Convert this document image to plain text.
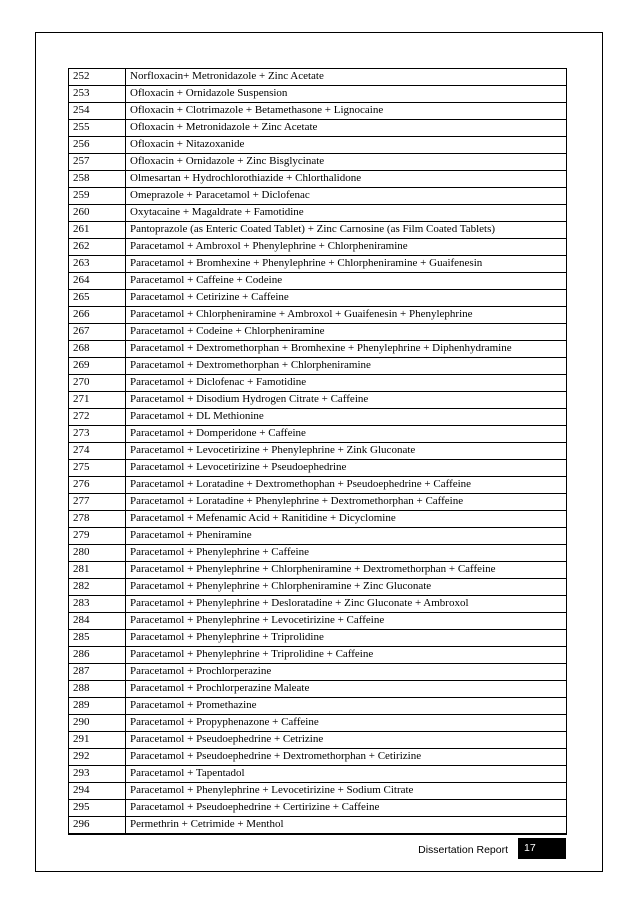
252	Norfloxacin+ Metronidazole + Zinc Acetate
253	Ofloxacin + Ornidazole Suspension
254	Ofloxacin + Clotrimazole + Betamethasone + Lignocaine
255	Ofloxacin + Metronidazole + Zinc Acetate
256	Ofloxacin + Nitazoxanide
257	Ofloxacin + Ornidazole + Zinc Bisglycinate
258	Olmesartan + Hydrochlorothiazide + Chlorthalidone
259	Omeprazole + Paracetamol + Diclofenac
260	Oxytacaine + Magaldrate + Famotidine
261	Pantoprazole (as Enteric Coated Tablet) + Zinc Carnosine (as Film Coated Tablets)
262	Paracetamol + Ambroxol + Phenylephrine + Chlorpheniramine
263	Paracetamol + Bromhexine + Phenylephrine + Chlorpheniramine + Guaifenesin
264	Paracetamol + Caffeine + Codeine
265	Paracetamol + Cetirizine + Caffeine
266	Paracetamol + Chlorpheniramine + Ambroxol + Guaifenesin + Phenylephrine
267	Paracetamol + Codeine + Chlorpheniramine
268	Paracetamol + Dextromethorphan + Bromhexine + Phenylephrine + Diphenhydramine
269	Paracetamol + Dextromethorphan + Chlorpheniramine
270	Paracetamol + Diclofenac + Famotidine
271	Paracetamol + Disodium Hydrogen Citrate + Caffeine
272	Paracetamol + DL Methionine
273	Paracetamol + Domperidone + Caffeine
274	Paracetamol + Levocetirizine + Phenylephrine + Zink Gluconate
275	Paracetamol + Levocetirizine + Pseudoephedrine
276	Paracetamol + Loratadine + Dextromethophan + Pseudoephedrine + Caffeine
277	Paracetamol + Loratadine + Phenylephrine + Dextromethorphan + Caffeine
278	Paracetamol + Mefenamic Acid + Ranitidine + Dicyclomine
279	Paracetamol + Pheniramine
280	Paracetamol + Phenylephrine + Caffeine
281	Paracetamol + Phenylephrine + Chlorpheniramine + Dextromethorphan + Caffeine
282	Paracetamol + Phenylephrine + Chlorpheniramine + Zinc Gluconate
283	Paracetamol + Phenylephrine + Desloratadine + Zinc Gluconate + Ambroxol
284	Paracetamol + Phenylephrine + Levocetirizine + Caffeine
285	Paracetamol + Phenylephrine + Triprolidine
286	Paracetamol + Phenylephrine + Triprolidine + Caffeine
287	Paracetamol + Prochlorperazine
288	Paracetamol + Prochlorperazine Maleate
289	Paracetamol + Promethazine
290	Paracetamol + Propyphenazone + Caffeine
291	Paracetamol + Pseudoephedrine + Cetrizine
292	Paracetamol + Pseudoephedrine + Dextromethorphan + Cetirizine
293	Paracetamol + Tapentadol
294	Paracetamol + Phenylephrine + Levocetirizine + Sodium Citrate
295	Paracetamol + Pseudoephedrine + Certirizine + Caffeine
296	Permethrin + Cetrimide + Menthol
Dissertation Report	17
